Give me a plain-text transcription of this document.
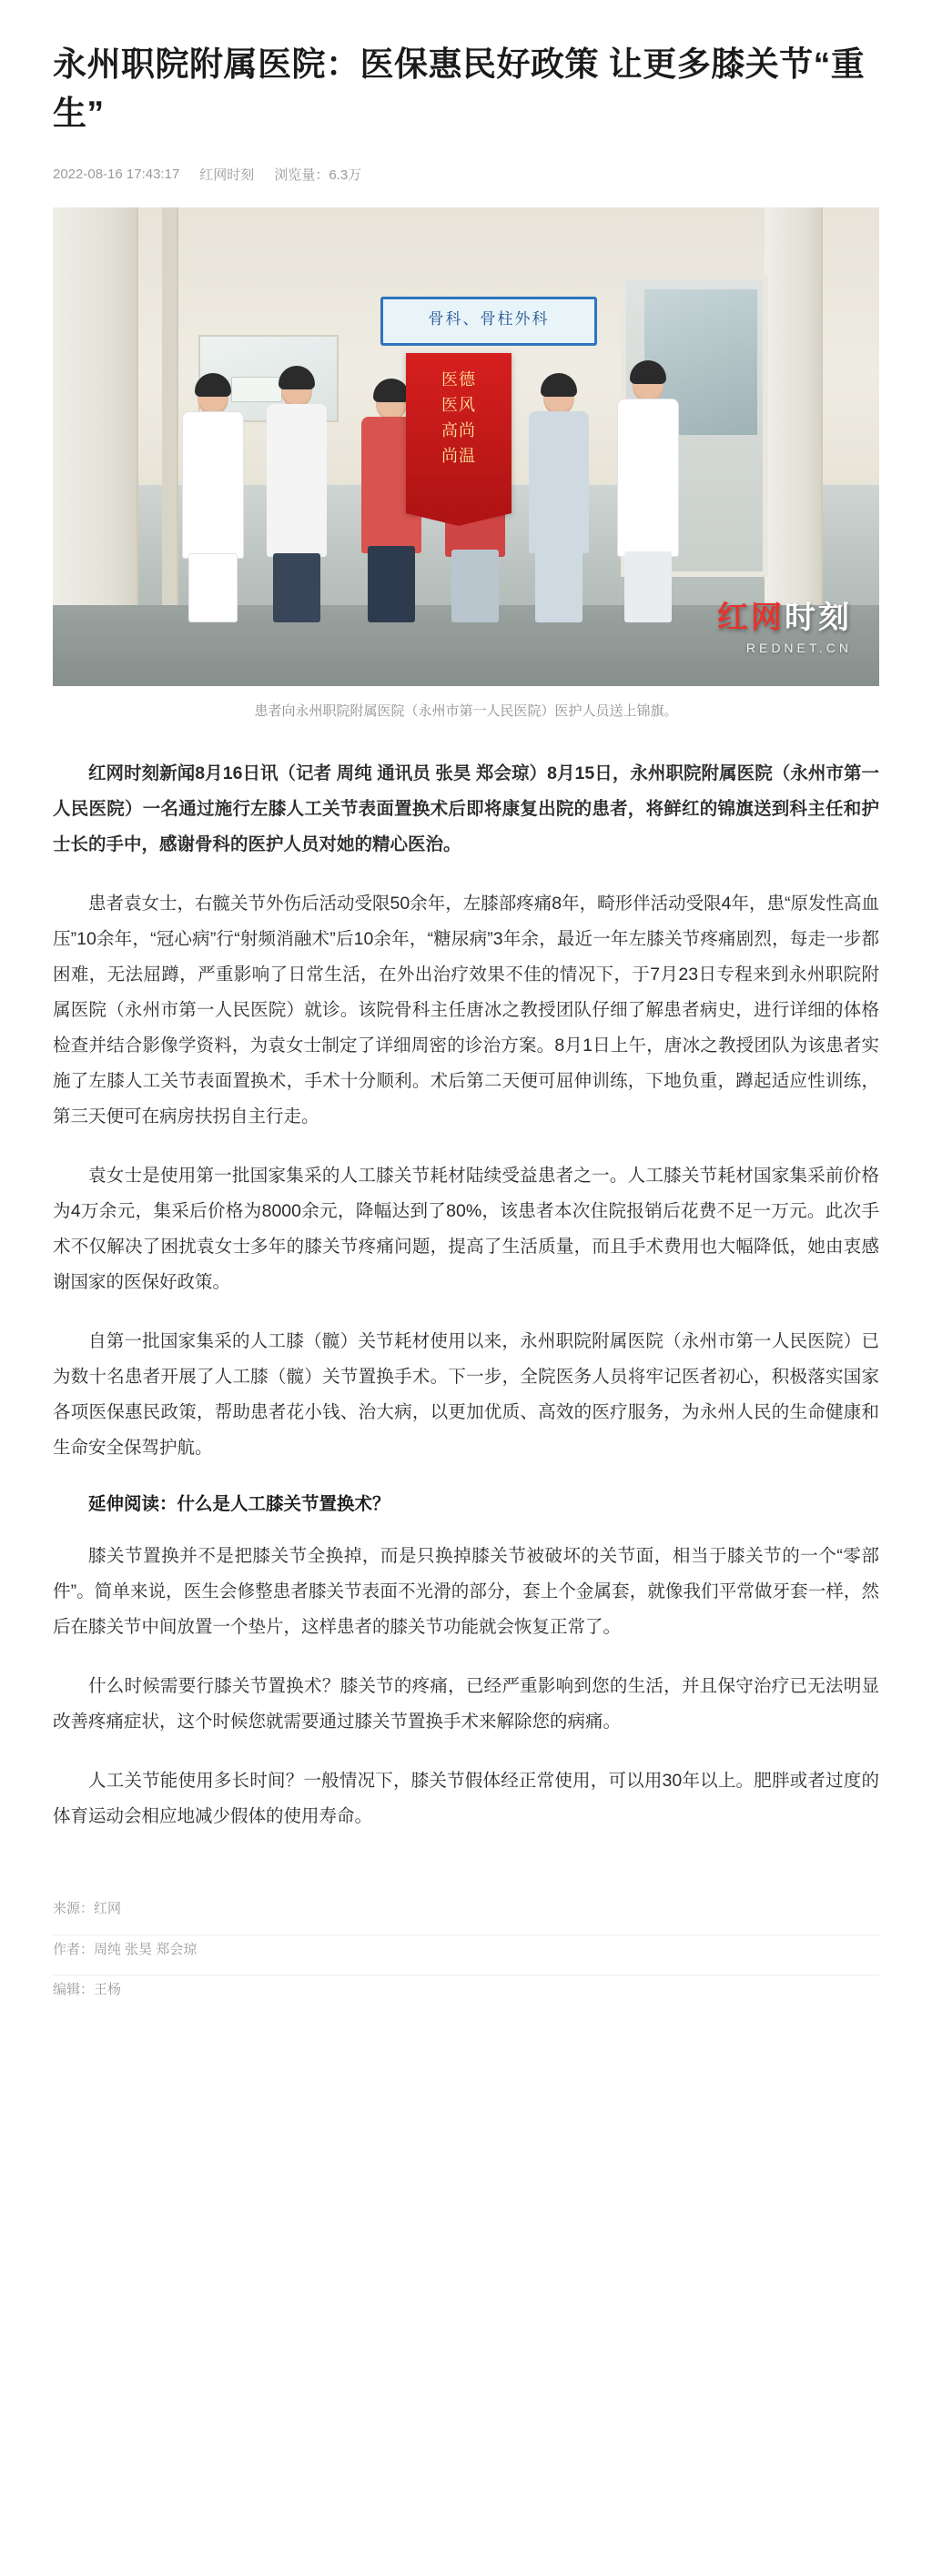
永州职院附属医院：医保惠民好政策 让更多膝关节“重生”
2022-08-16 17:43:17 红网时刻 浏览量：6.3万
骨科、骨柱外科
医德
医风
高尚
尚温
红网时刻
REDNET.CN
患者向永州职院附属医院（永州市第一人民医院）医护人员送上锦旗。

红网时刻新闻8月16日讯（记者 周纯 通讯员 张昊 郑会琼）8月15日，永州职院附属医院（永州市第一人民医院）一名通过施行左膝人工关节表面置换术后即将康复出院的患者，将鲜红的锦旗送到科主任和护士长的手中，感谢骨科的医护人员对她的精心医治。

患者袁女士，右髋关节外伤后活动受限50余年，左膝部疼痛8年，畸形伴活动受限4年，患“原发性高血压”10余年，“冠心病”行“射频消融术”后10余年，“糖尿病”3年余，最近一年左膝关节疼痛剧烈，每走一步都困难，无法屈蹲，严重影响了日常生活，在外出治疗效果不佳的情况下，于7月23日专程来到永州职院附属医院（永州市第一人民医院）就诊。该院骨科主任唐冰之教授团队仔细了解患者病史，进行详细的体格检查并结合影像学资料，为袁女士制定了详细周密的诊治方案。8月1日上午，唐冰之教授团队为该患者实施了左膝人工关节表面置换术，手术十分顺利。术后第二天便可屈伸训练，下地负重，蹲起适应性训练，第三天便可在病房扶拐自主行走。

袁女士是使用第一批国家集采的人工膝关节耗材陆续受益患者之一。人工膝关节耗材国家集采前价格为4万余元，集采后价格为8000余元，降幅达到了80%，该患者本次住院报销后花费不足一万元。此次手术不仅解决了困扰袁女士多年的膝关节疼痛问题，提高了生活质量，而且手术费用也大幅降低，她由衷感谢国家的医保好政策。

自第一批国家集采的人工膝（髋）关节耗材使用以来，永州职院附属医院（永州市第一人民医院）已为数十名患者开展了人工膝（髋）关节置换手术。下一步，全院医务人员将牢记医者初心，积极落实国家各项医保惠民政策，帮助患者花小钱、治大病，以更加优质、高效的医疗服务，为永州人民的生命健康和生命安全保驾护航。

延伸阅读：什么是人工膝关节置换术？

膝关节置换并不是把膝关节全换掉，而是只换掉膝关节被破坏的关节面，相当于膝关节的一个“零部件”。简单来说，医生会修整患者膝关节表面不光滑的部分，套上个金属套，就像我们平常做牙套一样，然后在膝关节中间放置一个垫片，这样患者的膝关节功能就会恢复正常了。

什么时候需要行膝关节置换术？膝关节的疼痛，已经严重影响到您的生活，并且保守治疗已无法明显改善疼痛症状，这个时候您就需要通过膝关节置换手术来解除您的病痛。

人工关节能使用多长时间？一般情况下，膝关节假体经正常使用，可以用30年以上。肥胖或者过度的体育运动会相应地减少假体的使用寿命。

来源：红网
作者：周纯 张昊 郑会琼
编辑：王杨
